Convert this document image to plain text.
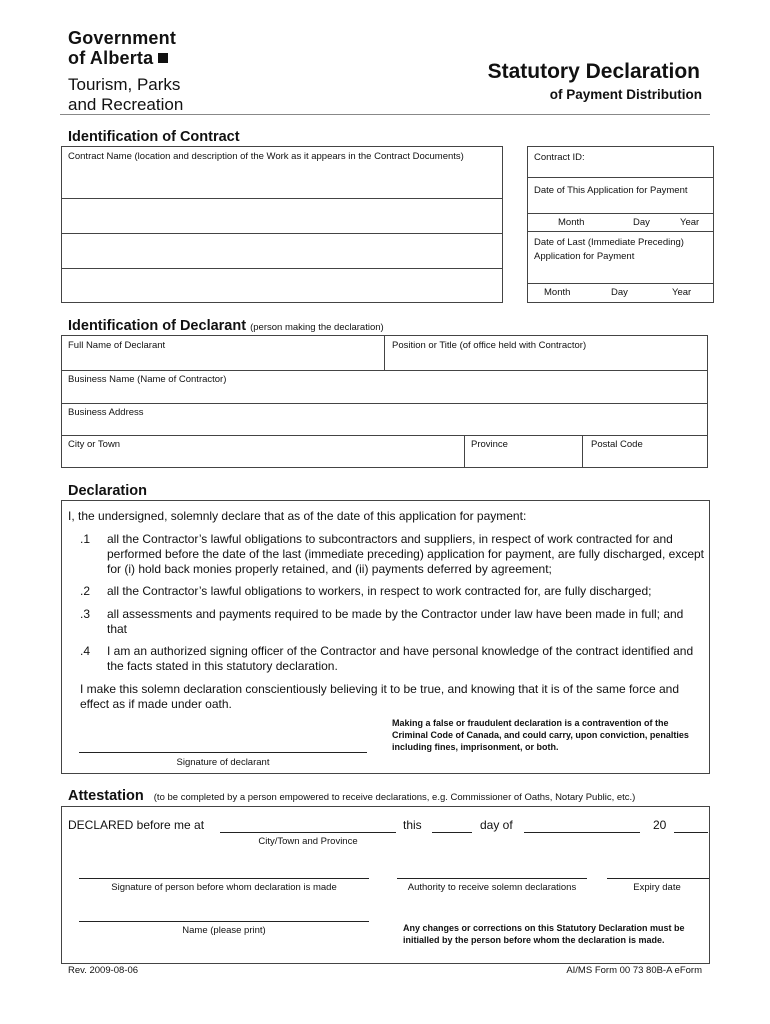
Government
of Alberta
Tourism, Parks
and Recreation
Statutory Declaration
of Payment Distribution
Identification of Contract
Contract Name (location and description of the Work as it appears in the Contract Documents)	Contract ID:
Date of This Application for Payment
Month	Day	Year
Date of Last (Immediate Preceding)
Application for Payment
Month	Day	Year
Identification of Declarant (person making the declaration)
Full Name of Declarant	Position or Title (of office held with Contractor)
Business Name (Name of Contractor)
Business Address
City or Town	Province	Postal Code
Declaration
I, the undersigned, solemnly declare that as of the date of this application for payment:
.1 all the Contractor’s lawful obligations to subcontractors and suppliers, in respect of work contracted for and performed before the date of the last (immediate preceding) application for payment, are fully discharged, except for (i) hold back monies properly retained, and (ii) payments deferred by agreement;
.2 all the Contractor’s lawful obligations to workers, in respect to work contracted for, are fully discharged;
.3 all assessments and payments required to be made by the Contractor under law have been made in full; and that
.4 I am an authorized signing officer of the Contractor and have personal knowledge of the contract identified and the facts stated in this statutory declaration.
I make this solemn declaration conscientiously believing it to be true, and knowing that it is of the same force and effect as if made under oath.
Making a false or fraudulent declaration is a contravention of the Criminal Code of Canada, and could carry, upon conviction, penalties including fines, imprisonment, or both.
Signature of declarant
Attestation (to be completed by a person empowered to receive declarations, e.g. Commissioner of Oaths, Notary Public, etc.)
DECLARED before me at	this	day of	20
City/Town and Province
Signature of person before whom declaration is made	Authority to receive solemn declarations	Expiry date
Name (please print)	Any changes or corrections on this Statutory Declaration must be initialled by the person before whom the declaration is made.
Rev. 2009-08-06	AI/MS Form 00 73 80B-A eForm
